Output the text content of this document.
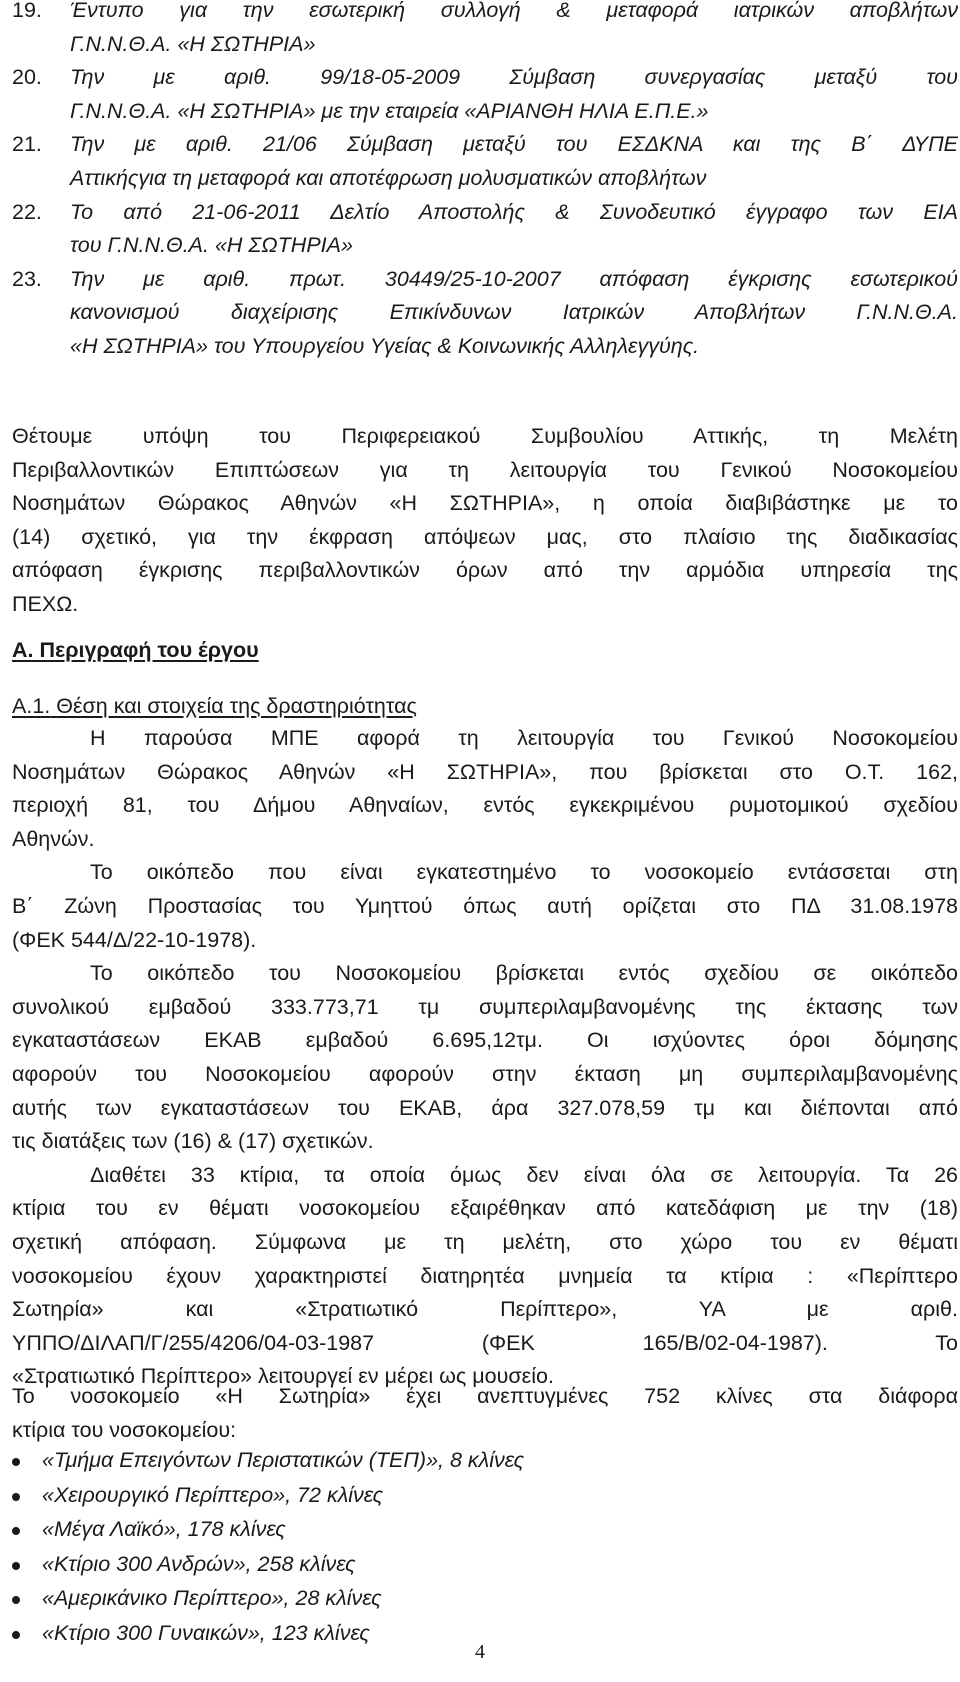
19. Έντυπο για την εσωτερική συλλογή & μεταφορά ιατρικών αποβλήτων
Γ.Ν.Ν.Θ.Α. «Η ΣΩΤΗΡΙΑ»
20. Την με αριθ. 99/18-05-2009 Σύμβαση συνεργασίας μεταξύ του
Γ.Ν.Ν.Θ.Α. «Η ΣΩΤΗΡΙΑ» με την εταιρεία «ΑΡΙΑΝΘΗ ΗΛΙΑ Ε.Π.Ε.»
21. Την με αριθ. 21/06 Σύμβαση μεταξύ του ΕΣΔΚΝΑ και της Β΄ ΔΥΠΕ
Αττικήςγια τη μεταφορά και αποτέφρωση μολυσματικών αποβλήτων
22. Το από 21-06-2011 Δελτίο Αποστολής & Συνοδευτικό έγγραφο των ΕΙΑ
του Γ.Ν.Ν.Θ.Α. «Η ΣΩΤΗΡΙΑ»
23. Την με αριθ. πρωτ. 30449/25-10-2007 απόφαση έγκρισης εσωτερικού
κανονισμού διαχείρισης Επικίνδυνων Ιατρικών Αποβλήτων Γ.Ν.Ν.Θ.Α.
«Η ΣΩΤΗΡΙΑ» του Υπουργείου Υγείας & Κοινωνικής Αλληλεγγύης.
Θέτουμε υπόψη του Περιφερειακού Συμβουλίου Αττικής, τη Μελέτη
Περιβαλλοντικών Επιπτώσεων για τη λειτουργία του Γενικού Νοσοκομείου
Νοσημάτων Θώρακος Αθηνών «Η ΣΩΤΗΡΙΑ», η οποία διαβιβάστηκε με το
(14) σχετικό, για την έκφραση απόψεων μας, στο πλαίσιο της διαδικασίας
απόφαση έγκρισης περιβαλλοντικών όρων από την αρμόδια υπηρεσία της
ΠΕΧΩ.
Α. Περιγραφή του έργου
Α.1. Θέση και στοιχεία της δραστηριότητας
Η παρούσα ΜΠΕ αφορά τη λειτουργία του Γενικού Νοσοκομείου
Νοσημάτων Θώρακος Αθηνών «Η ΣΩΤΗΡΙΑ», που βρίσκεται στο Ο.Τ. 162,
περιοχή 81, του Δήμου Αθηναίων, εντός εγκεκριμένου ρυμοτομικού σχεδίου
Αθηνών.
Το οικόπεδο που είναι εγκατεστημένο το νοσοκομείο εντάσσεται στη
Β΄ Ζώνη Προστασίας του Υμηττού όπως αυτή ορίζεται στο ΠΔ 31.08.1978
(ΦΕΚ 544/Δ/22-10-1978).
Το οικόπεδο του Νοσοκομείου βρίσκεται εντός σχεδίου σε οικόπεδο
συνολικού εμβαδού 333.773,71 τμ συμπεριλαμβανομένης της έκτασης των
εγκαταστάσεων ΕΚΑΒ εμβαδού 6.695,12τμ. Οι ισχύοντες όροι δόμησης
αφορούν του Νοσοκομείου αφορούν στην έκταση μη συμπεριλαμβανομένης
αυτής των εγκαταστάσεων του ΕΚΑΒ, άρα 327.078,59 τμ και διέπονται από
τις διατάξεις των (16) & (17) σχετικών.
Διαθέτει 33 κτίρια, τα οποία όμως δεν είναι όλα σε λειτουργία. Τα 26
κτίρια του εν θέματι νοσοκομείου εξαιρέθηκαν από κατεδάφιση με την (18)
σχετική απόφαση. Σύμφωνα με τη μελέτη, στο χώρο του εν θέματι
νοσοκομείου έχουν χαρακτηριστεί διατηρητέα μνημεία τα κτίρια : «Περίπτερο
Σωτηρία» και «Στρατιωτικό Περίπτερο», ΥΑ με αριθ.
ΥΠΠΟ/ΔΙΛΑΠ/Γ/255/4206/04-03-1987 (ΦΕΚ 165/Β/02-04-1987). Το
«Στρατιωτικό Περίπτερο» λειτουργεί εν μέρει ως μουσείο.
Το νοσοκομείο «Η Σωτηρία» έχει ανεπτυγμένες 752 κλίνες στα διάφορα
κτίρια του νοσοκομείου:
«Τμήμα Επειγόντων Περιστατικών (ΤΕΠ)», 8 κλίνες
«Χειρουργικό Περίπτερο», 72 κλίνες
«Μέγα Λαϊκό», 178 κλίνες
«Κτίριο 300 Ανδρών», 258 κλίνες
«Αμερικάνικο Περίπτερο», 28 κλίνες
«Κτίριο 300 Γυναικών», 123 κλίνες
4
